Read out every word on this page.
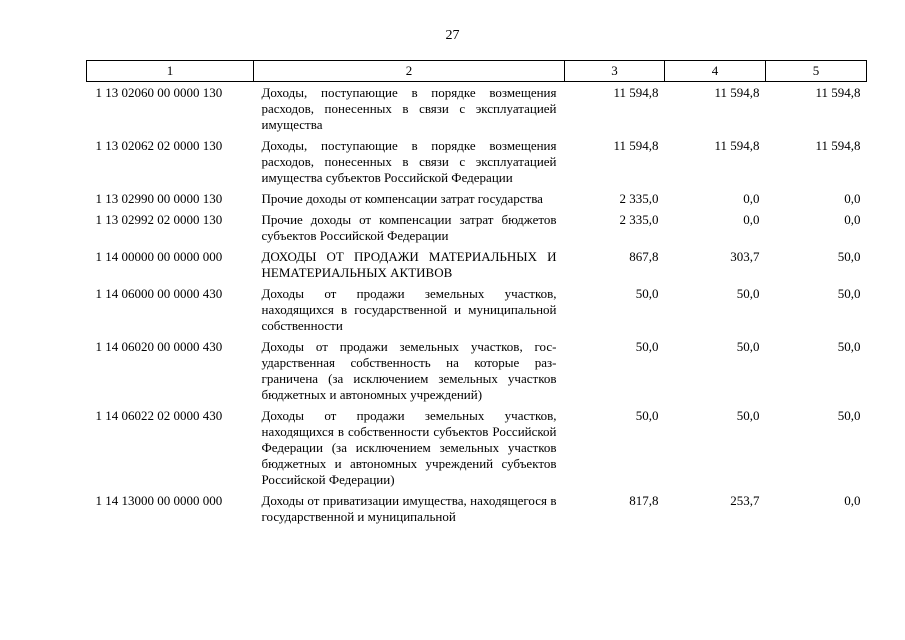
27
1	2	3	4	5
1 13 02060 00 0000 130	Доходы, поступающие в порядке возмещения расходов, понесенных в связи с эксплуатацией имущества	11 594,8	11 594,8	11 594,8
1 13 02062 02 0000 130	Доходы, поступающие в порядке возмещения расходов, понесенных в связи с эксплуатацией имущества субъектов Российской Федерации	11 594,8	11 594,8	11 594,8
1 13 02990 00 0000 130	Прочие доходы от компенсации затрат государства	2 335,0	0,0	0,0
1 13 02992 02 0000 130	Прочие доходы от компенсации затрат бюджетов субъектов Российской Федерации	2 335,0	0,0	0,0
1 14 00000 00 0000 000	ДОХОДЫ ОТ ПРОДАЖИ МАТЕРИАЛЬНЫХ И НЕМАТЕРИАЛЬНЫХ АКТИВОВ	867,8	303,7	50,0
1 14 06000 00 0000 430	Доходы от продажи земельных участков, находящихся в государственной и муниципальной собственности	50,0	50,0	50,0
1 14 06020 00 0000 430	Доходы от продажи земельных участков, государственная собственность на которые разграничена (за исключением земельных участков бюджетных и автономных учреждений)	50,0	50,0	50,0
1 14 06022 02 0000 430	Доходы от продажи земельных участков, находящихся в собственности субъектов Российской Федерации (за исключением земельных участков бюджетных и автономных учреждений субъектов Российской Федерации)	50,0	50,0	50,0
1 14 13000 00 0000 000	Доходы от приватизации имущества, находящегося в государственной и муниципальной	817,8	253,7	0,0
